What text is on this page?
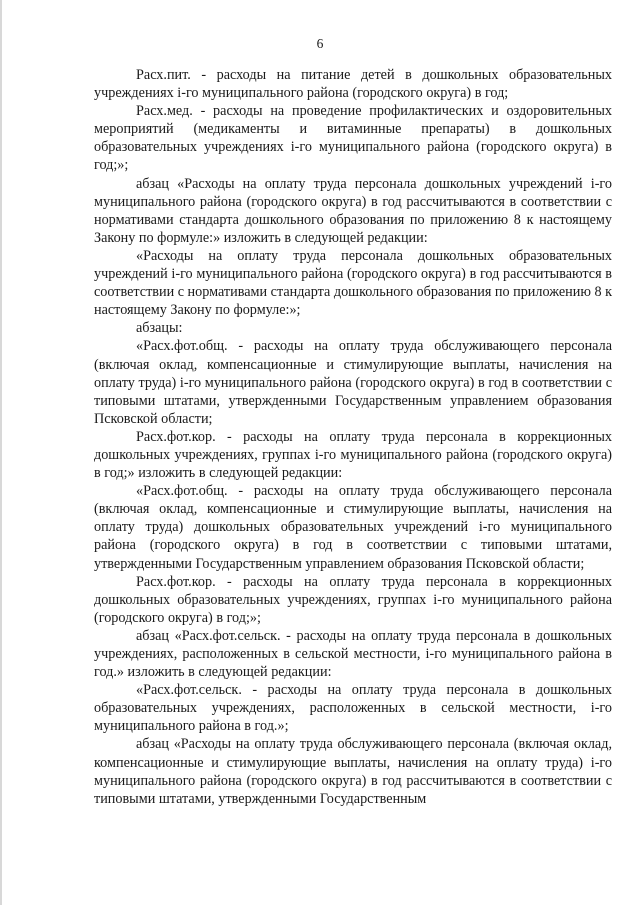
6

Расх.пит. - расходы на питание детей в дошкольных образовательных учреждениях i-го муниципального района (городского округа) в год;

Расх.мед. - расходы на проведение профилактических и оздоровительных мероприятий (медикаменты и витаминные препараты) в дошкольных образовательных учреждениях i-го муниципального района (городского округа) в год;»;

абзац «Расходы на оплату труда персонала дошкольных учреждений i-го муниципального района (городского округа) в год рассчитываются в соответствии с нормативами стандарта дошкольного образования по приложению 8 к настоящему Закону по формуле:» изложить в следующей редакции:

«Расходы на оплату труда персонала дошкольных образовательных учреждений i-го муниципального района (городского округа) в год рассчитываются в соответствии с нормативами стандарта дошкольного образования по приложению 8 к настоящему Закону по формуле:»;

абзацы:

«Расх.фот.общ. - расходы на оплату труда обслуживающего персонала (включая оклад, компенсационные и стимулирующие выплаты, начисления на оплату труда) i-го муниципального района (городского округа) в год в соответствии с типовыми штатами, утвержденными Государственным управлением образования Псковской области;

Расх.фот.кор. - расходы на оплату труда персонала в коррекционных дошкольных учреждениях, группах i-го муниципального района (городского округа) в год;» изложить в следующей редакции:

«Расх.фот.общ. - расходы на оплату труда обслуживающего персонала (включая оклад, компенсационные и стимулирующие выплаты, начисления на оплату труда) дошкольных образовательных учреждений i-го муниципального района (городского округа) в год в соответствии с типовыми штатами, утвержденными Государственным управлением образования Псковской области;

Расх.фот.кор. - расходы на оплату труда персонала в коррекционных дошкольных образовательных учреждениях, группах i-го муниципального района (городского округа) в год;»;

абзац «Расх.фот.сельск. - расходы на оплату труда персонала в дошкольных учреждениях, расположенных в сельской местности, i-го муниципального района в год.» изложить в следующей редакции:

«Расх.фот.сельск. - расходы на оплату труда персонала в дошкольных образовательных учреждениях, расположенных в сельской местности, i-го муниципального района в год.»;

абзац «Расходы на оплату труда обслуживающего персонала (включая оклад, компенсационные и стимулирующие выплаты, начисления на оплату труда) i-го муниципального района (городского округа) в год рассчитываются в соответствии с типовыми штатами, утвержденными Государственным
